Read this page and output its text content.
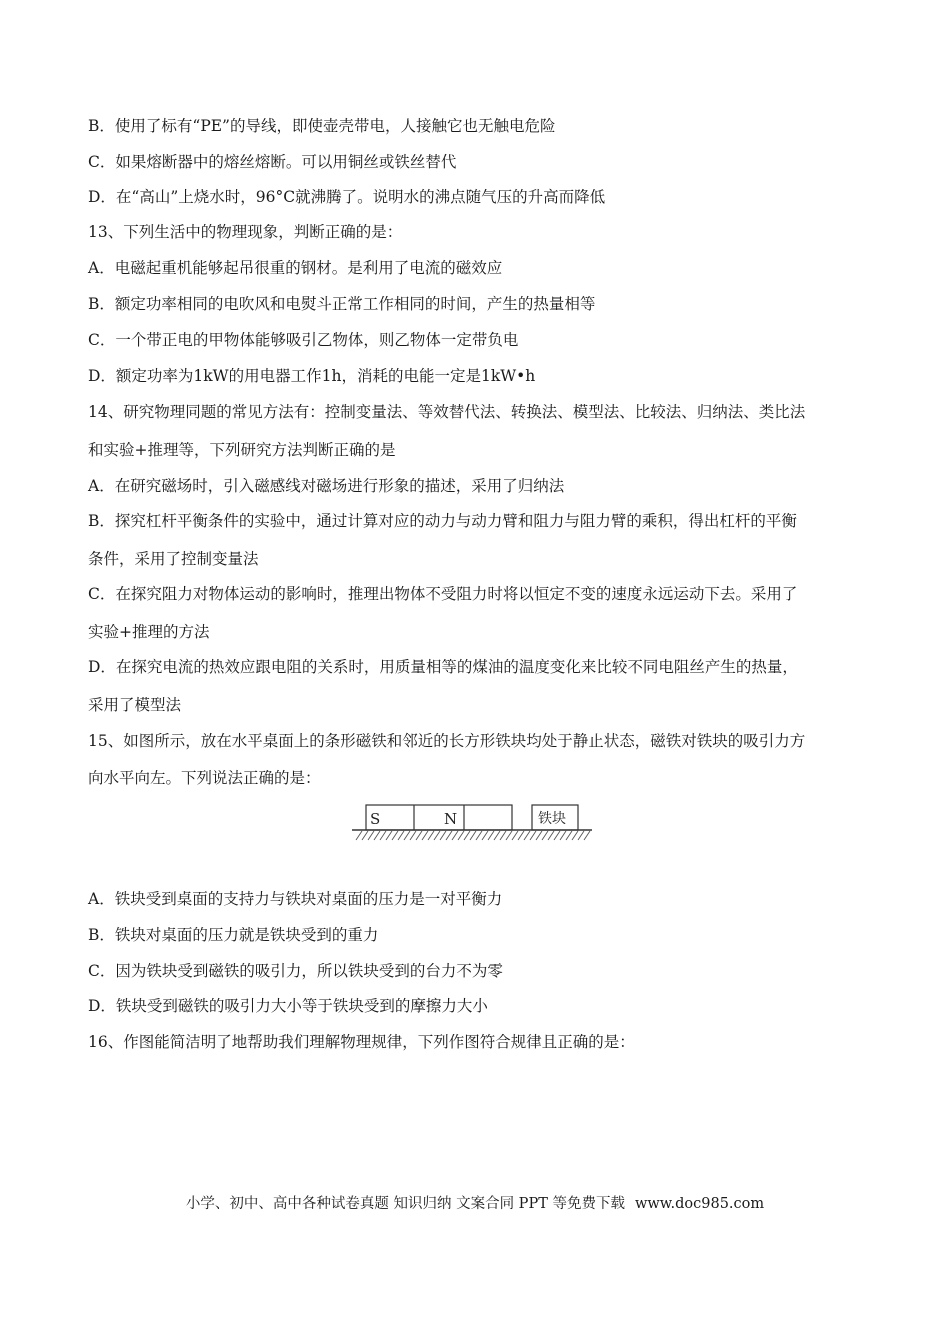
B．使用了标有“PE”的导线，即使壶壳带电，人接触它也无触电危险
C．如果熔断器中的熔丝熔断。可以用铜丝或铁丝替代
D．在“高山”上烧水时，96°C就沸腾了。说明水的沸点随气压的升高而降低
13、下列生活中的物理现象，判断正确的是：
A．电磁起重机能够起吊很重的钢材。是利用了电流的磁效应
B．额定功率相同的电吹风和电熨斗正常工作相同的时间，产生的热量相等
C．一个带正电的甲物体能够吸引乙物体，则乙物体一定带负电
D．额定功率为1kW的用电器工作1h，消耗的电能一定是1kW•h
14、研究物理同题的常见方法有：控制变量法、等效替代法、转换法、模型法、比较法、归纳法、类比法
和实验+推理等，下列研究方法判断正确的是
A．在研究磁场时，引入磁感线对磁场进行形象的描述，采用了归纳法
B．探究杠杆平衡条件的实验中，通过计算对应的动力与动力臂和阻力与阻力臂的乘积，得出杠杆的平衡
条件，采用了控制变量法
C．在探究阻力对物体运动的影响时，推理出物体不受阻力时将以恒定不变的速度永远运动下去。采用了
实验+推理的方法
D．在探究电流的热效应跟电阻的关系时，用质量相等的煤油的温度变化来比较不同电阻丝产生的热量，
采用了模型法
15、如图所示，放在水平桌面上的条形磁铁和邻近的长方形铁块均处于静止状态，磁铁对铁块的吸引力方
向水平向左。下列说法正确的是：
S	N	铁块
A．铁块受到桌面的支持力与铁块对桌面的压力是一对平衡力
B．铁块对桌面的压力就是铁块受到的重力
C．因为铁块受到磁铁的吸引力，所以铁块受到的台力不为零
D．铁块受到磁铁的吸引力大小等于铁块受到的摩擦力大小
16、作图能简洁明了地帮助我们理解物理规律，下列作图符合规律且正确的是：
小学、初中、高中各种试卷真题 知识归纳 文案合同 PPT 等免费下载 www.doc985.com
